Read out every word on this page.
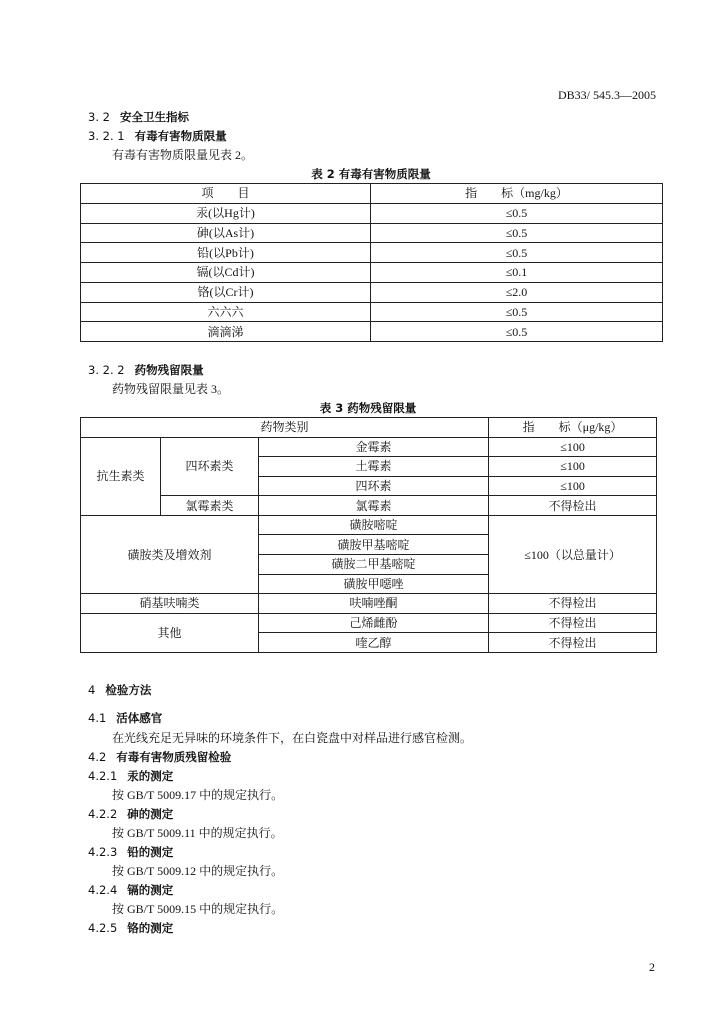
DB33/ 545.3—2005
3. 2 安全卫生指标
3. 2. 1 有毒有害物质限量
有毒有害物质限量见表 2。
表 2 有毒有害物质限量
项　　目	指　　标（mg/kg）
汞(以Hg计)	≤0.5
砷(以As计)	≤0.5
铅(以Pb计)	≤0.5
镉(以Cd计)	≤0.1
铬(以Cr计)	≤2.0
六六六	≤0.5
滴滴涕	≤0.5
3. 2. 2 药物残留限量
药物残留限量见表 3。
表 3 药物残留限量
药物类别			指　　标（μg/kg）
抗生素类	四环素类	金霉素	≤100
		土霉素	≤100
		四环素	≤100
	氯霉素类	氯霉素	不得检出
磺胺类及增效剂		磺胺嘧啶	≤100（以总量计）
		磺胺甲基嘧啶	
		磺胺二甲基嘧啶	
		磺胺甲噁唑	
硝基呋喃类		呋喃唑酮	不得检出
其他		己烯雌酚	不得检出
		喹乙醇	不得检出
4 检验方法
4.1 活体感官
在光线充足无异味的环境条件下，在白瓷盘中对样品进行感官检测。
4.2 有毒有害物质残留检验
4.2.1 汞的测定
按 GB/T 5009.17 中的规定执行。
4.2.2 砷的测定
按 GB/T 5009.11 中的规定执行。
4.2.3 铅的测定
按 GB/T 5009.12 中的规定执行。
4.2.4 镉的测定
按 GB/T 5009.15 中的规定执行。
4.2.5 铬的测定
2
